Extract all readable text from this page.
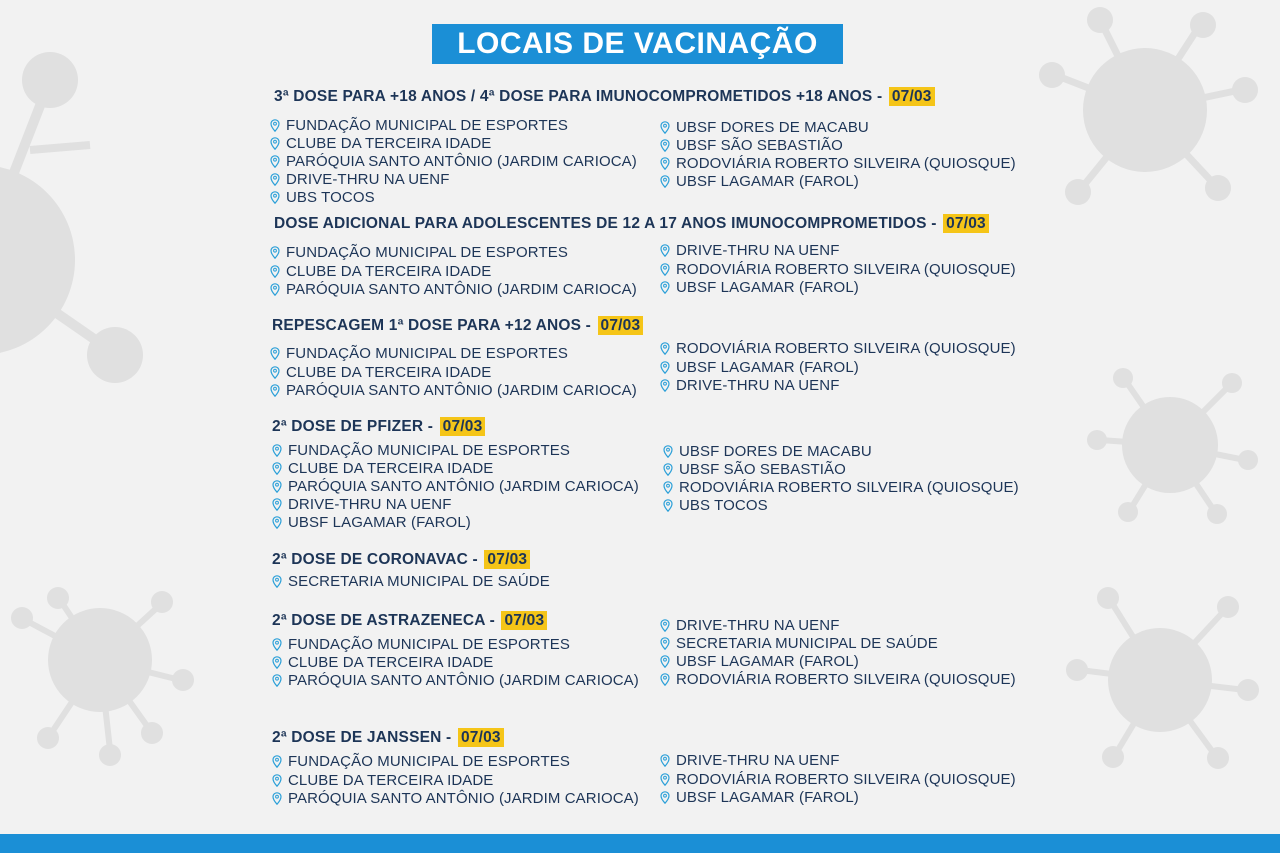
LOCAIS DE VACINAÇÃO
3ª DOSE PARA +18 ANOS / 4ª DOSE PARA IMUNOCOMPROMETIDOS +18 ANOS - 07/03
FUNDAÇÃO MUNICIPAL DE ESPORTES
CLUBE DA TERCEIRA IDADE
PARÓQUIA SANTO ANTÔNIO (JARDIM CARIOCA)
DRIVE-THRU NA UENF
UBS TOCOS
UBSF DORES DE MACABU
UBSF SÃO SEBASTIÃO
RODOVIÁRIA ROBERTO SILVEIRA (QUIOSQUE)
UBSF LAGAMAR (FAROL)
DOSE ADICIONAL PARA ADOLESCENTES DE 12 A 17 ANOS IMUNOCOMPROMETIDOS - 07/03
FUNDAÇÃO MUNICIPAL DE ESPORTES
CLUBE DA TERCEIRA IDADE
PARÓQUIA SANTO ANTÔNIO (JARDIM CARIOCA)
DRIVE-THRU NA UENF
RODOVIÁRIA ROBERTO SILVEIRA (QUIOSQUE)
UBSF LAGAMAR (FAROL)
REPESCAGEM 1ª DOSE PARA +12 ANOS - 07/03
FUNDAÇÃO MUNICIPAL DE ESPORTES
CLUBE DA TERCEIRA IDADE
PARÓQUIA SANTO ANTÔNIO (JARDIM CARIOCA)
RODOVIÁRIA ROBERTO SILVEIRA (QUIOSQUE)
UBSF LAGAMAR (FAROL)
DRIVE-THRU NA UENF
2ª DOSE DE PFIZER - 07/03
FUNDAÇÃO MUNICIPAL DE ESPORTES
CLUBE DA TERCEIRA IDADE
PARÓQUIA SANTO ANTÔNIO (JARDIM CARIOCA)
DRIVE-THRU NA UENF
UBSF LAGAMAR (FAROL)
UBSF DORES DE MACABU
UBSF SÃO SEBASTIÃO
RODOVIÁRIA ROBERTO SILVEIRA (QUIOSQUE)
UBS TOCOS
2ª DOSE DE CORONAVAC - 07/03
SECRETARIA MUNICIPAL DE SAÚDE
2ª DOSE DE ASTRAZENECA - 07/03
FUNDAÇÃO MUNICIPAL DE ESPORTES
CLUBE DA TERCEIRA IDADE
PARÓQUIA SANTO ANTÔNIO (JARDIM CARIOCA)
DRIVE-THRU NA UENF
SECRETARIA MUNICIPAL DE SAÚDE
UBSF LAGAMAR (FAROL)
RODOVIÁRIA ROBERTO SILVEIRA (QUIOSQUE)
2ª DOSE DE JANSSEN - 07/03
FUNDAÇÃO MUNICIPAL DE ESPORTES
CLUBE DA TERCEIRA IDADE
PARÓQUIA SANTO ANTÔNIO (JARDIM CARIOCA)
DRIVE-THRU NA UENF
RODOVIÁRIA ROBERTO SILVEIRA (QUIOSQUE)
UBSF LAGAMAR (FAROL)
